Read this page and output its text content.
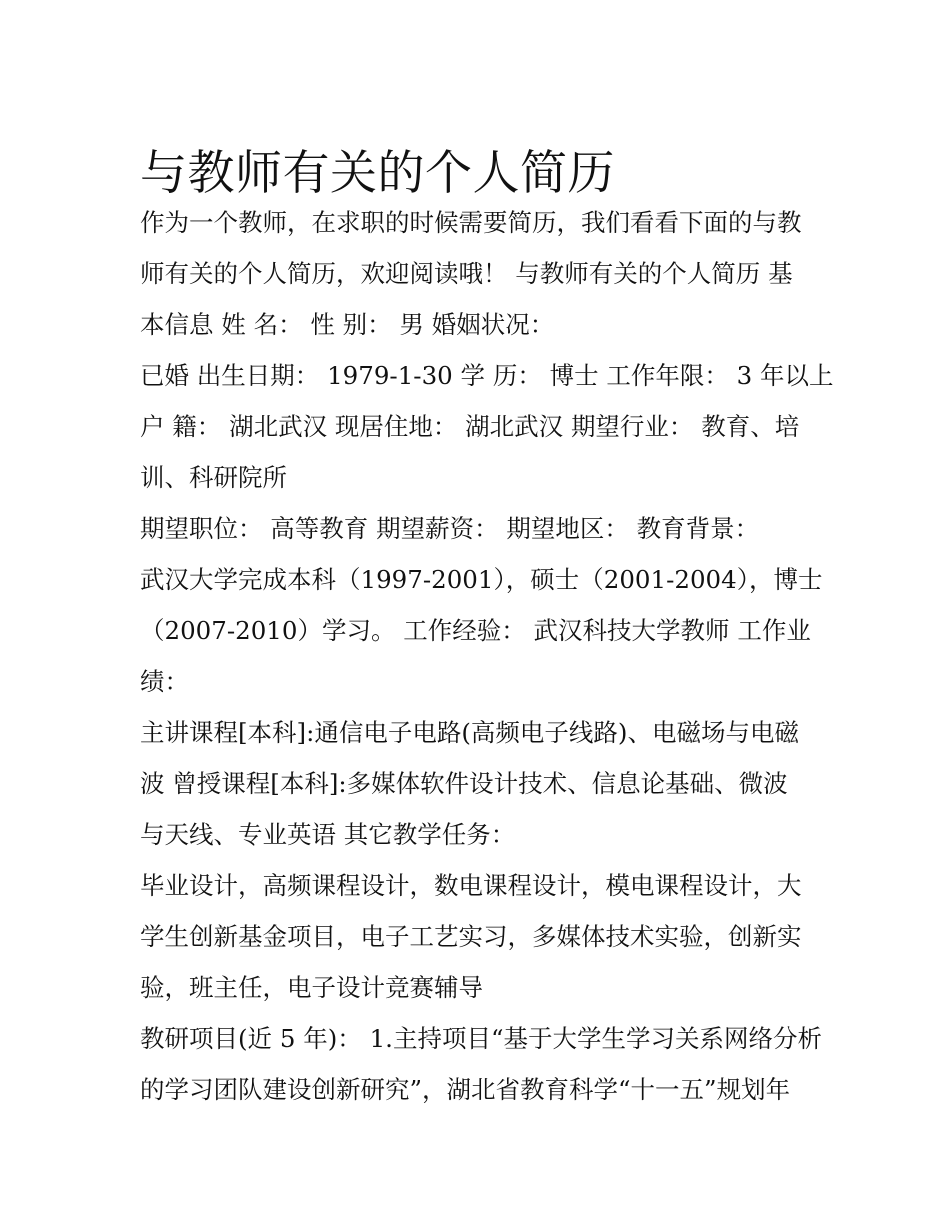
与教师有关的个人简历
作为一个教师，在求职的时候需要简历，我们看看下面的与教
师有关的个人简历，欢迎阅读哦！ 与教师有关的个人简历 基
本信息 姓 名： 性 别： 男 婚姻状况：
已婚 出生日期： 1979-1-30 学 历： 博士 工作年限： 3 年以上
户 籍： 湖北武汉 现居住地： 湖北武汉 期望行业： 教育、培
训、科研院所
期望职位： 高等教育 期望薪资： 期望地区： 教育背景：
武汉大学完成本科（1997-2001），硕士（2001-2004），博士
（2007-2010）学习。 工作经验： 武汉科技大学教师 工作业
绩：
主讲课程[本科]:通信电子电路(高频电子线路)、电磁场与电磁
波 曾授课程[本科]:多媒体软件设计技术、信息论基础、微波
与天线、专业英语 其它教学任务：
毕业设计，高频课程设计，数电课程设计，模电课程设计，大
学生创新基金项目，电子工艺实习，多媒体技术实验，创新实
验，班主任，电子设计竞赛辅导
教研项目(近 5 年)： 1.主持项目“基于大学生学习关系网络分析
的学习团队建设创新研究”，湖北省教育科学“十一五”规划年
